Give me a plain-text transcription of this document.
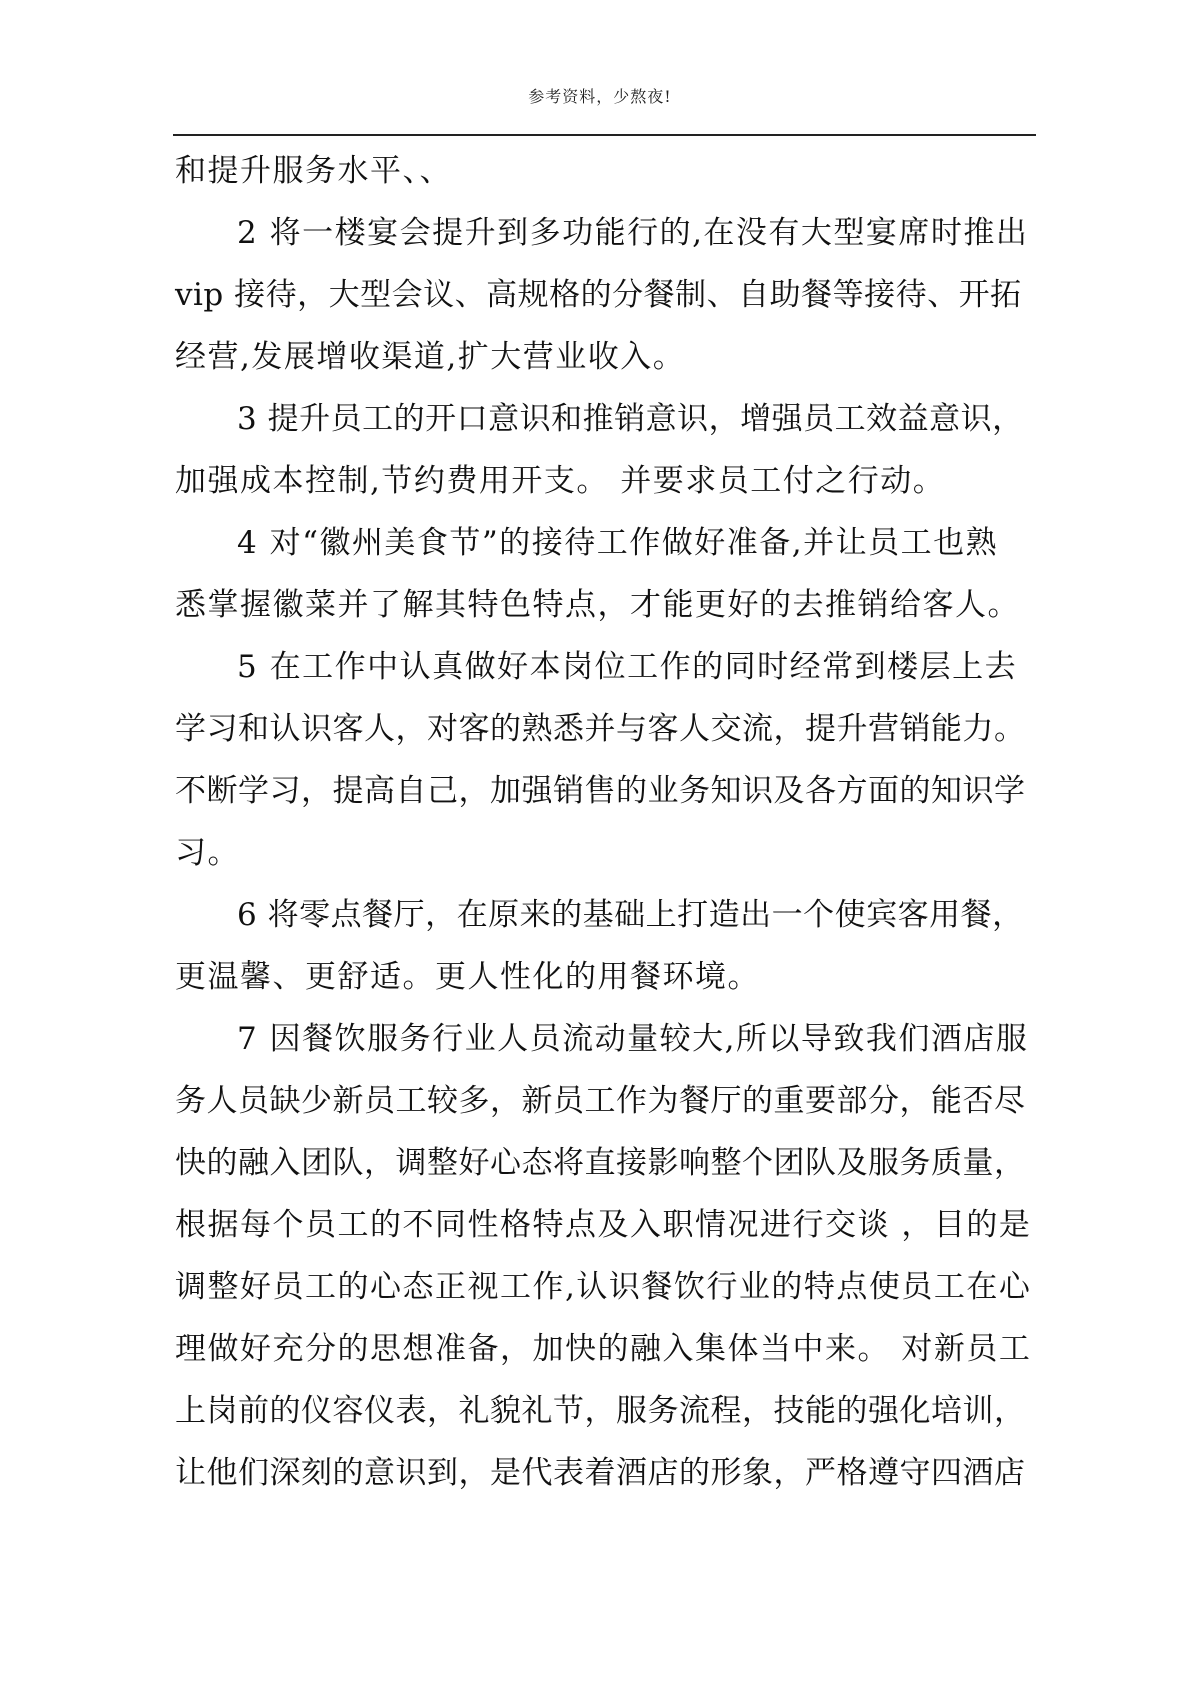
参考资料，少熬夜!
和提升服务水平、、
2 将一楼宴会提升到多功能行的,在没有大型宴席时推出
vip 接待，大型会议、高规格的分餐制、自助餐等接待、开拓
经营,发展增收渠道,扩大营业收入。
3 提升员工的开口意识和推销意识，增强员工效益意识，
加强成本控制,节约费用开支。 并要求员工付之行动。
4 对“徽州美食节”的接待工作做好准备,并让员工也熟
悉掌握徽菜并了解其特色特点，才能更好的去推销给客人。
5 在工作中认真做好本岗位工作的同时经常到楼层上去
学习和认识客人，对客的熟悉并与客人交流，提升营销能力。
不断学习，提高自己，加强销售的业务知识及各方面的知识学
习。
6 将零点餐厅，在原来的基础上打造出一个使宾客用餐，
更温馨、更舒适。更人性化的用餐环境。
7 因餐饮服务行业人员流动量较大,所以导致我们酒店服
务人员缺少新员工较多，新员工作为餐厅的重要部分，能否尽
快的融入团队，调整好心态将直接影响整个团队及服务质量，
根据每个员工的不同性格特点及入职情况进行交谈 ，目的是
调整好员工的心态正视工作,认识餐饮行业的特点使员工在心
理做好充分的思想准备，加快的融入集体当中来。 对新员工
上岗前的仪容仪表，礼貌礼节，服务流程，技能的强化培训，
让他们深刻的意识到，是代表着酒店的形象，严格遵守四酒店
